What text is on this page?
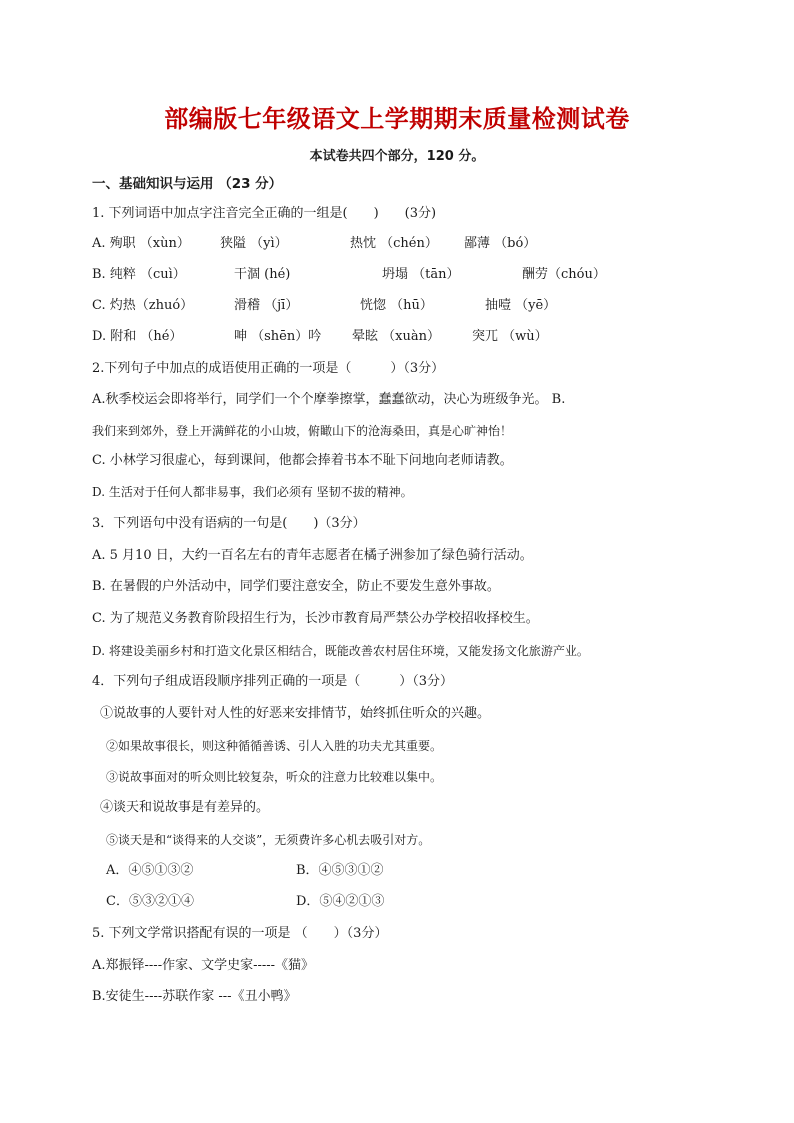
部编版七年级语文上学期期末质量检测试卷
本试卷共四个部分，120 分。
一、基础知识与运用 （23 分）
1. 下列词语中加点字注音完全正确的一组是(　　)　　(3分)
A. 殉职 （xùn） 狭隘 （yì）	热忱 （chén） 鄙薄 （bó）
B. 纯粹 （cuì）	干涸 (hé)	坍塌 （tān）	酬劳（chóu）
C. 灼热（zhuó）	滑稽 （jī）	恍惚 （hū）	抽噎 （yē）
D. 附和 （hé）	呻 （shēn）吟 晕眩 （xuàn） 突兀 （wù）
2.下列句子中加点的成语使用正确的一项是（　　　）（3分）
A.秋季校运会即将举行，同学们一个个摩拳擦掌，蠢蠢欲动，决心为班级争光。 B.
我们来到郊外，登上开满鲜花的小山坡，俯瞰山下的沧海桑田，真是心旷神怡！
C. 小林学习很虚心，每到课间，他都会捧着书本不耻下问地向老师请教。
D. 生活对于任何人都非易事，我们必须有 坚韧不拔的精神。
3．下列语句中没有语病的一句是(　　)（3分）
A. 5 月10 日，大约一百名左右的青年志愿者在橘子洲参加了绿色骑行活动。
B. 在暑假的户外活动中，同学们要注意安全，防止不要发生意外事故。
C. 为了规范义务教育阶段招生行为，长沙市教育局严禁公办学校招收择校生。
D. 将建设美丽乡村和打造文化景区相结合，既能改善农村居住环境，又能发扬文化旅游产业。
4．下列句子组成语段顺序排列正确的一项是（　　　）（3分）
①说故事的人要针对人性的好恶来安排情节，始终抓住听众的兴趣。
②如果故事很长，则这种循循善诱、引人入胜的功夫尤其重要。
③说故事面对的听众则比较复杂，听众的注意力比较难以集中。
④谈天和说故事是有差异的。
⑤谈天是和“谈得来的人交谈”，无须费许多心机去吸引对方。
A．④⑤①③②	B．④⑤③①②
C．⑤③②①④	D．⑤④②①③
5. 下列文学常识搭配有误的一项是 （　　）（3分）
A.郑振铎----作家、文学史家-----《猫》
B.安徒生----苏联作家 ---《丑小鸭》
